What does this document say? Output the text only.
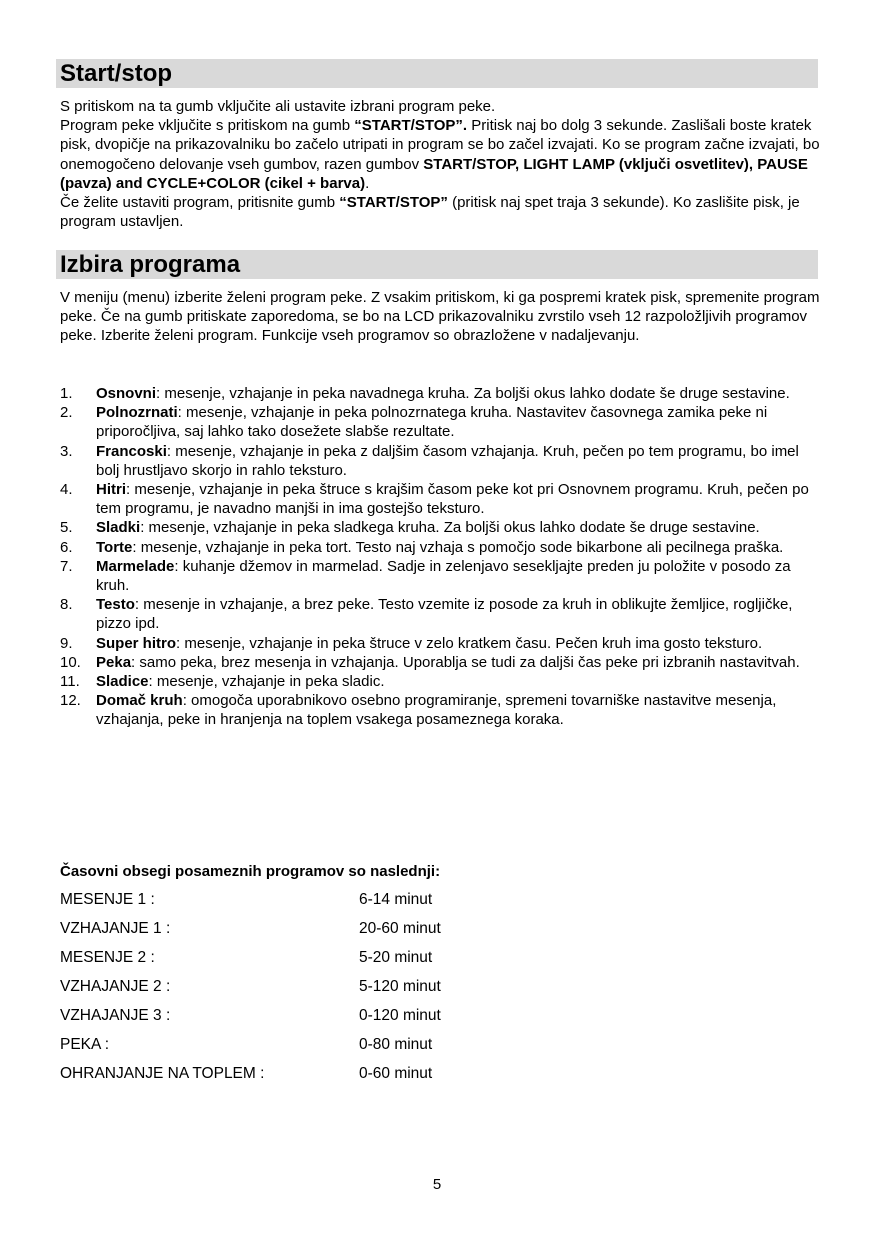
Start/stop
S pritiskom na ta gumb vključite ali ustavite izbrani program peke.
Program peke vključite s pritiskom na gumb “START/STOP”. Pritisk naj bo dolg 3 sekunde. Zaslišali boste kratek pisk, dvopičje na prikazovalniku bo začelo utripati in program se bo začel izvajati. Ko se program začne izvajati, bo onemogočeno delovanje vseh gumbov, razen gumbov START/STOP, LIGHT LAMP (vključi osvetlitev), PAUSE (pavza) and CYCLE+COLOR (cikel + barva).
Če želite ustaviti program, pritisnite gumb “START/STOP” (pritisk naj spet traja 3 sekunde). Ko zaslišite pisk, je program ustavljen.
Izbira programa
V meniju (menu) izberite želeni program peke. Z vsakim pritiskom, ki ga pospremi kratek pisk, spremenite program peke. Če na gumb pritiskate zaporedoma, se bo na LCD prikazovalniku zvrstilo vseh 12 razpoložljivih programov peke. Izberite želeni program. Funkcije vseh programov so obrazložene v nadaljevanju.
1. Osnovni: mesenje, vzhajanje in peka navadnega kruha. Za boljši okus lahko dodate še druge sestavine.
2. Polnozrnati: mesenje, vzhajanje in peka polnozrnatega kruha. Nastavitev časovnega zamika peke ni priporočljiva, saj lahko tako dosežete slabše rezultate.
3. Francoski: mesenje, vzhajanje in peka z daljšim časom vzhajanja. Kruh, pečen po tem programu, bo imel bolj hrustljavo skorjo in rahlo teksturo.
4. Hitri: mesenje, vzhajanje in peka štruce s krajšim časom peke kot pri Osnovnem programu. Kruh, pečen po tem programu, je navadno manjši in ima gostejšo teksturo.
5. Sladki: mesenje, vzhajanje in peka sladkega kruha. Za boljši okus lahko dodate še druge sestavine.
6. Torte: mesenje, vzhajanje in peka tort. Testo naj vzhaja s pomočjo sode bikarbone ali pecilnega praška.
7. Marmelade: kuhanje džemov in marmelad. Sadje in zelenjavo sesekljajte preden ju položite v posodo za kruh.
8. Testo: mesenje in vzhajanje, a brez peke. Testo vzemite iz posode za kruh in oblikujte žemljice, rogljičke, pizzo ipd.
9. Super hitro: mesenje, vzhajanje in peka štruce v zelo kratkem času. Pečen kruh ima gosto teksturo.
10. Peka: samo peka, brez mesenja in vzhajanja. Uporablja se tudi za daljši čas peke pri izbranih nastavitvah.
11. Sladice: mesenje, vzhajanje in peka sladic.
12. Domač kruh: omogoča uporabnikovo osebno programiranje, spremeni tovarniške nastavitve mesenja, vzhajanja, peke in hranjenja na toplem vsakega posameznega koraka.
Časovni obsegi posameznih programov so naslednji:
MESENJE 1 :	6-14 minut
VZHAJANJE 1 :	20-60 minut
MESENJE 2 :	5-20 minut
VZHAJANJE 2 :	5-120 minut
VZHAJANJE 3 :	0-120 minut
PEKA :	0-80 minut
OHRANJANJE NA TOPLEM :	0-60 minut
5
